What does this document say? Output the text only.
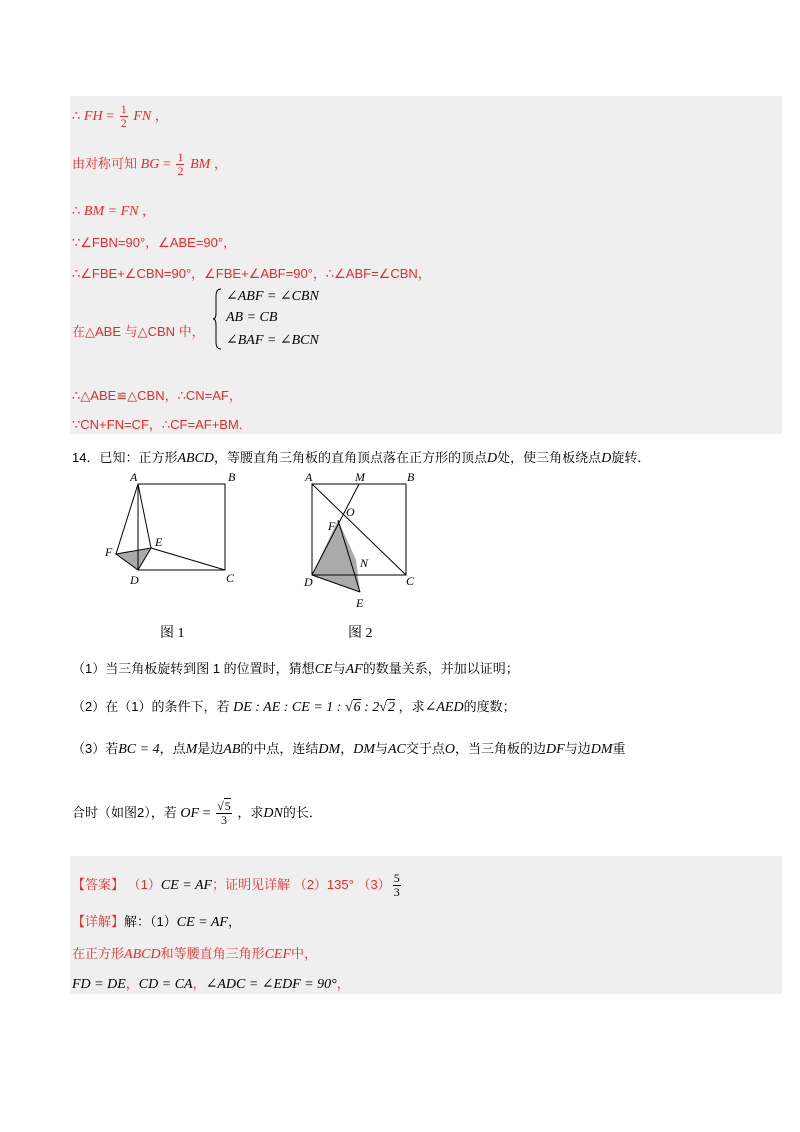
∴ FH = $\frac{1}{2}$ FN ，
由对称可知 BG = $\frac{1}{2}$ BM ，
∴ BM = FN ，
∵∠FBN=90°，∠ABE=90°，
∴∠FBE+∠CBN=90°，∠FBE+∠ABF=90°，∴∠ABF=∠CBN，
在△ABE 与△CBN 中，
∠ABF = ∠CBN
AB = CB
∠BAF = ∠BCN
∴△ABE≌△CBN，∴CN=AF，
∵CN+FN=CF，∴CF=AF+BM.
14．已知：正方形ABCD，等腰直角三角板的直角顶点落在正方形的顶点D处，使三角板绕点D旋转．
A	B
C
D
E
F
图 1
A	M	B
O
F
N
D	C
E
图 2
（1）当三角板旋转到图 1 的位置时，猜想CE与AF的数量关系，并加以证明；
（2）在（1）的条件下，若 DE : AE : CE = 1 : √6 : 2√2 ，求∠AED的度数；
（3）若BC = 4，点M是边AB的中点，连结DM，DM与AC交于点O，当三角板的边DF与边DM重
合时（如图2），若 OF = $\frac{√5}{3}$ ，求DN的长．
【答案】 （1）CE = AF；证明见详解 （2）135° $(3) \frac{5}{3}$
【详解】解：（1）CE = AF，
在正方形ABCD和等腰直角三角形CEF中，
FD = DE，CD = CA，∠ADC = ∠EDF = 90°，
